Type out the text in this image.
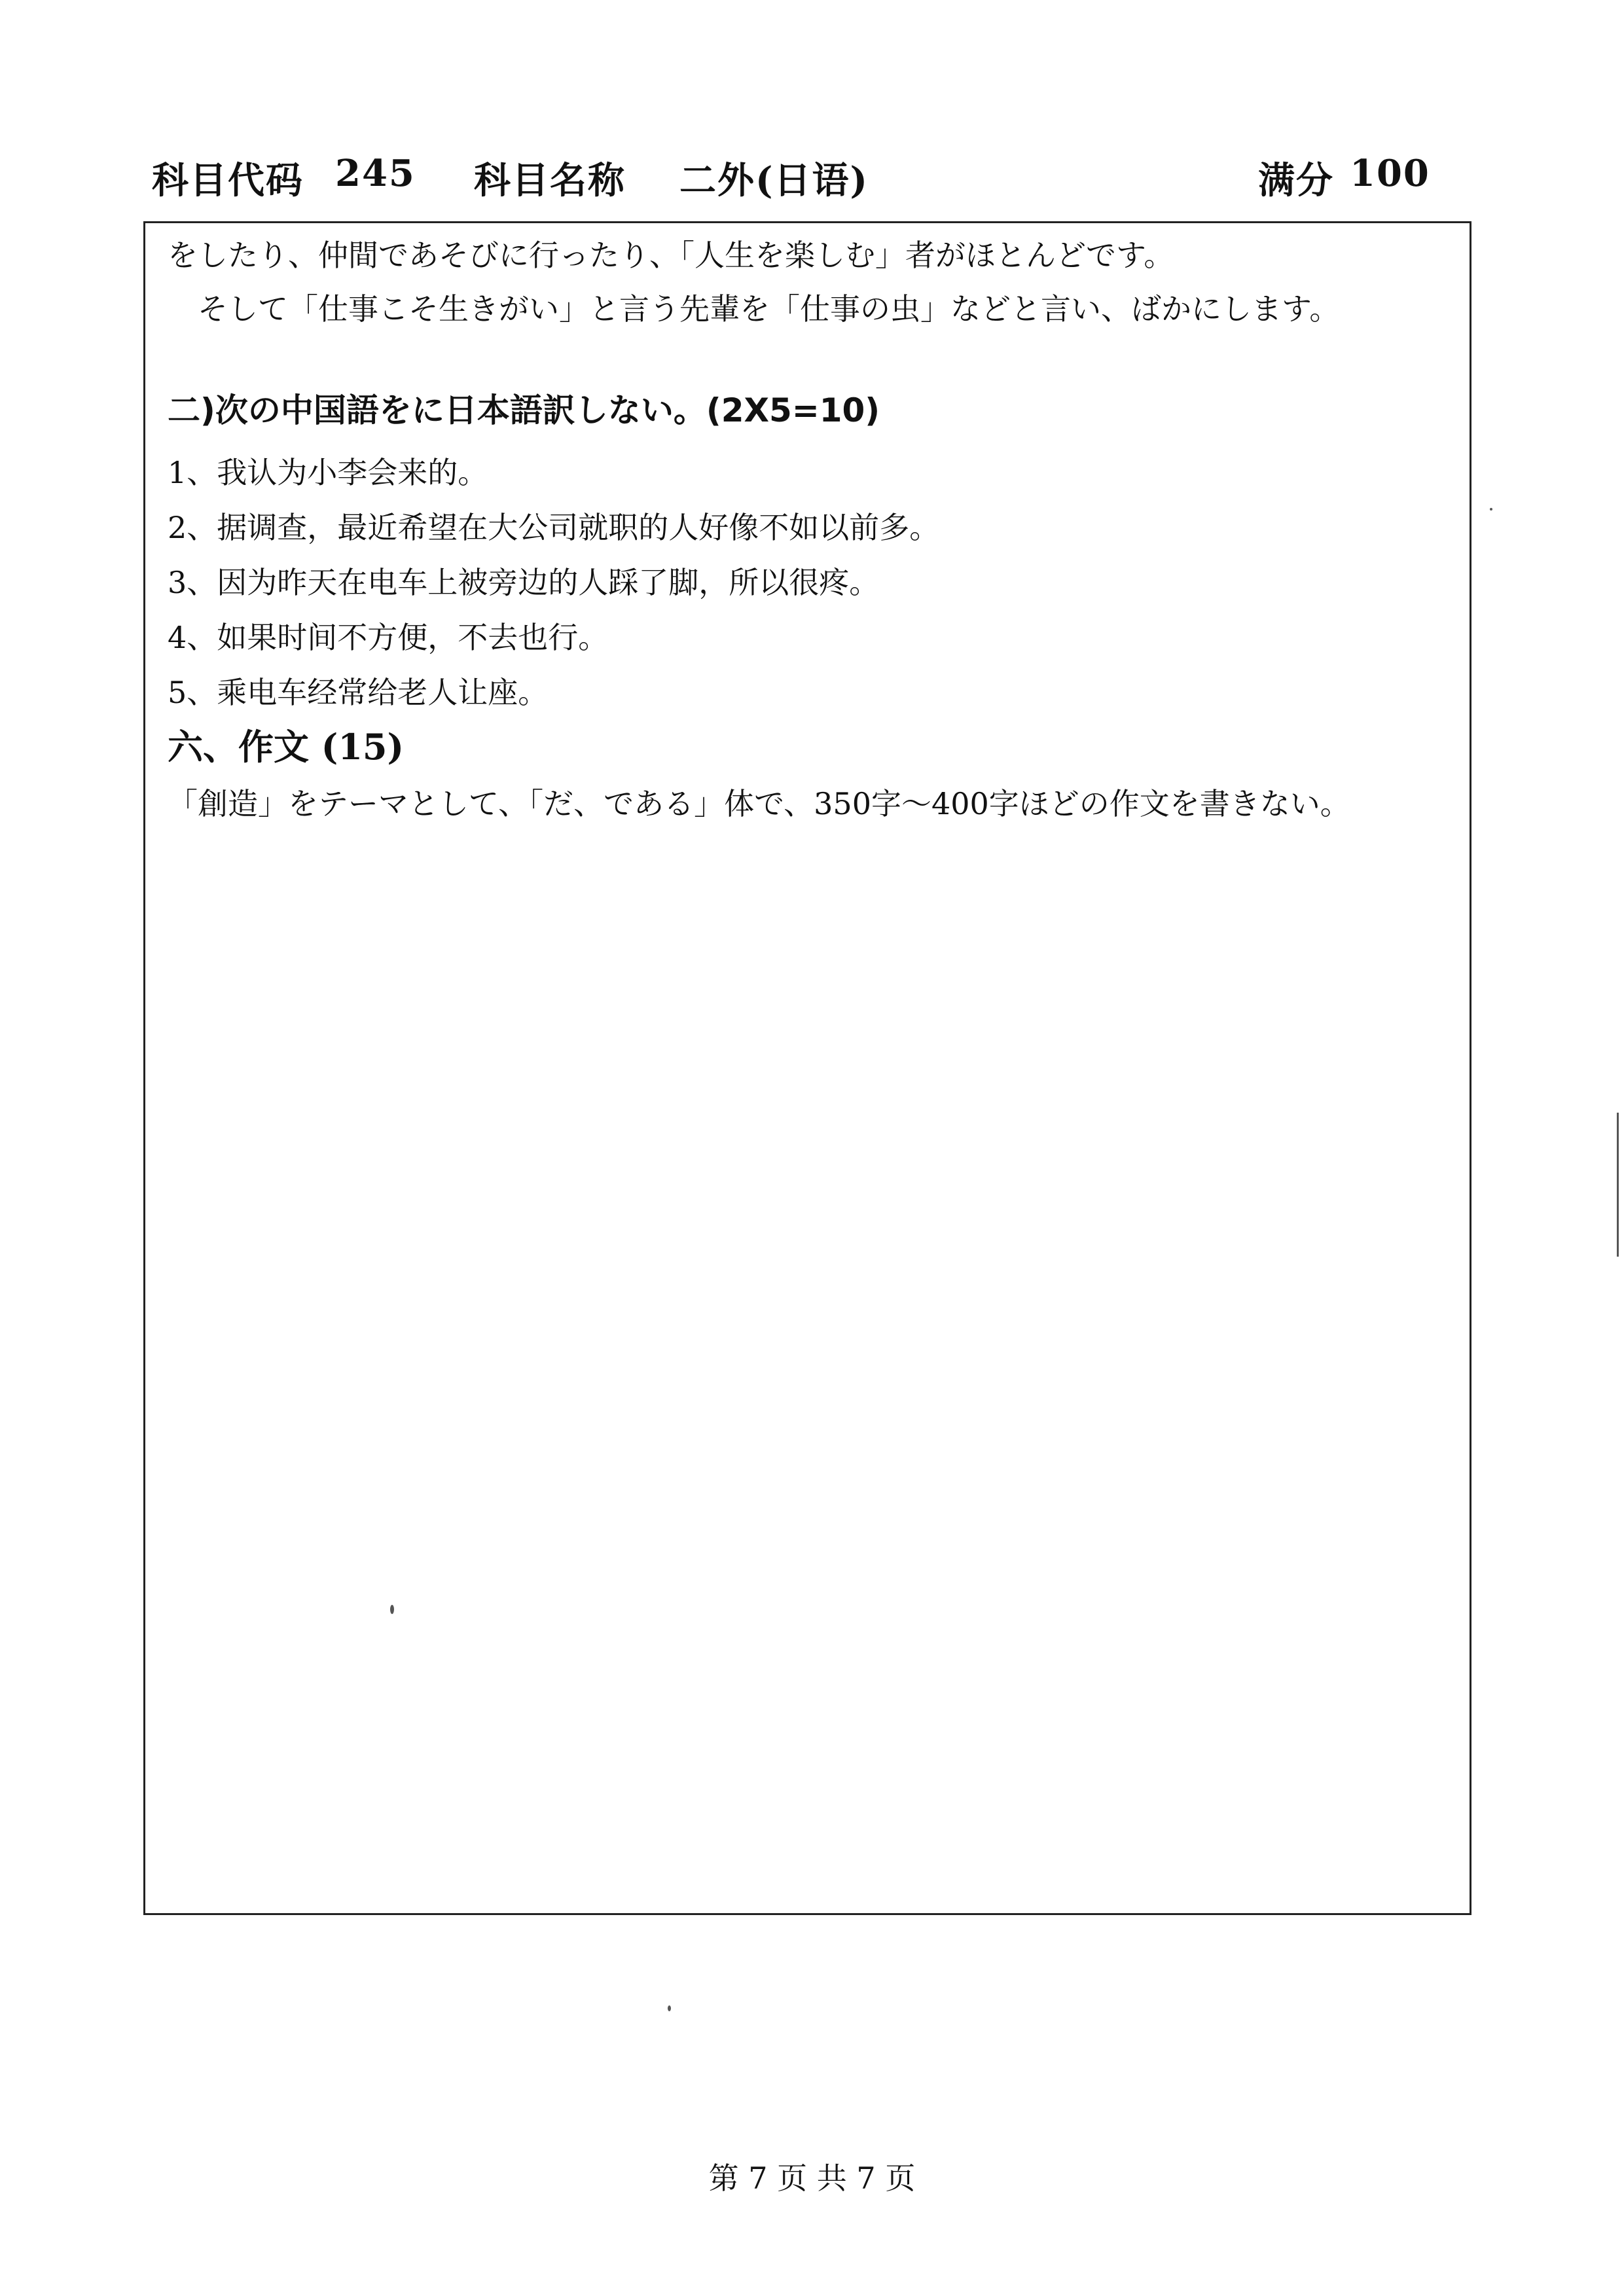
科目代码 245 科目名称 二外(日语)	满分 100
をしたり、仲間であそびに行ったり、「人生を楽しむ」者がほとんどです。
そして「仕事こそ生きがい」と言う先輩を「仕事の虫」などと言い、ばかにします。
二)次の中国語をに日本語訳しない。(2X5=10)
1、我认为小李会来的。
2、据调查，最近希望在大公司就职的人好像不如以前多。
3、因为昨天在电车上被旁边的人踩了脚，所以很疼。
4、如果时间不方便，不去也行。
5、乘电车经常给老人让座。
六、作文 (15)
「創造」をテーマとして、「だ、である」体で、350字～400字ほどの作文を書きない。
第 7 页 共 7 页
